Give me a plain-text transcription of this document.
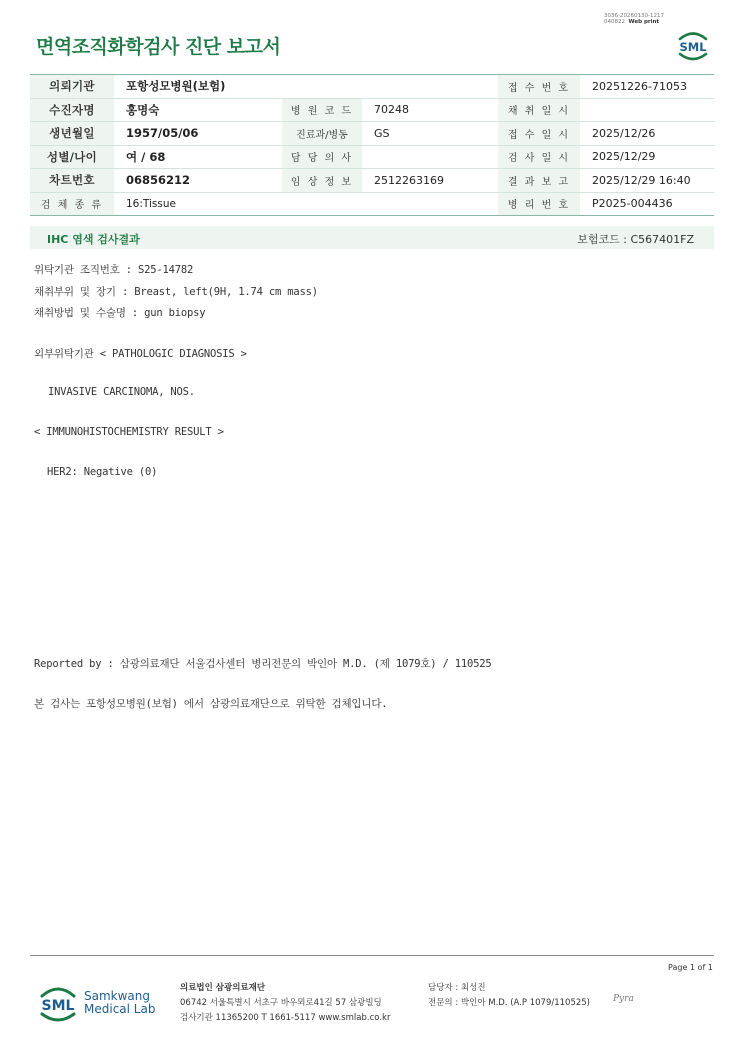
3036-20260130-1217
040822 Web print
면역조직화학검사 진단 보고서	SML
의뢰기관	포항성모병원(보험)			접 수 번 호	20251226-71053
수진자명	홍명숙	병 원 코 드	70248	채 취 일 시	
생년월일	1957/05/06	진료과/병동	GS	접 수 일 시	2025/12/26
성별/나이	여 / 68	담 당 의 사		검 사 일 시	2025/12/29
차트번호	06856212	임 상 정 보	2512263169	결 과 보 고	2025/12/29 16:40
검 체 종 류	16:Tissue			병 리 번 호	P2025-004436
IHC 염색 검사결과	보험코드 : C567401FZ
위탁기관 조직번호 : S25-14782
채취부위 및 장기 : Breast, left(9H, 1.74 cm mass)
채취방법 및 수술명 : gun biopsy
외부위탁기관 < PATHOLOGIC DIAGNOSIS >
INVASIVE CARCINOMA, NOS.
< IMMUNOHISTOCHEMISTRY RESULT >
HER2: Negative (0)
Reported by : 삼광의료재단 서울검사센터 병리전문의 박인아 M.D. (제 1079호) / 110525
본 검사는 포항성모병원(보험) 에서 삼광의료재단으로 위탁한 검체입니다.
Page 1 of 1
SML
Samkwang
Medical Lab
의료법인 삼광의료재단
06742 서울특별시 서초구 바우뫼로41길 57 삼광빌딩
검사기관 11365200 T 1661-5117 www.smlab.co.kr
담당자 : 최성진
전문의 : 박인아 M.D. (A.P 1079/110525)	Pyra
